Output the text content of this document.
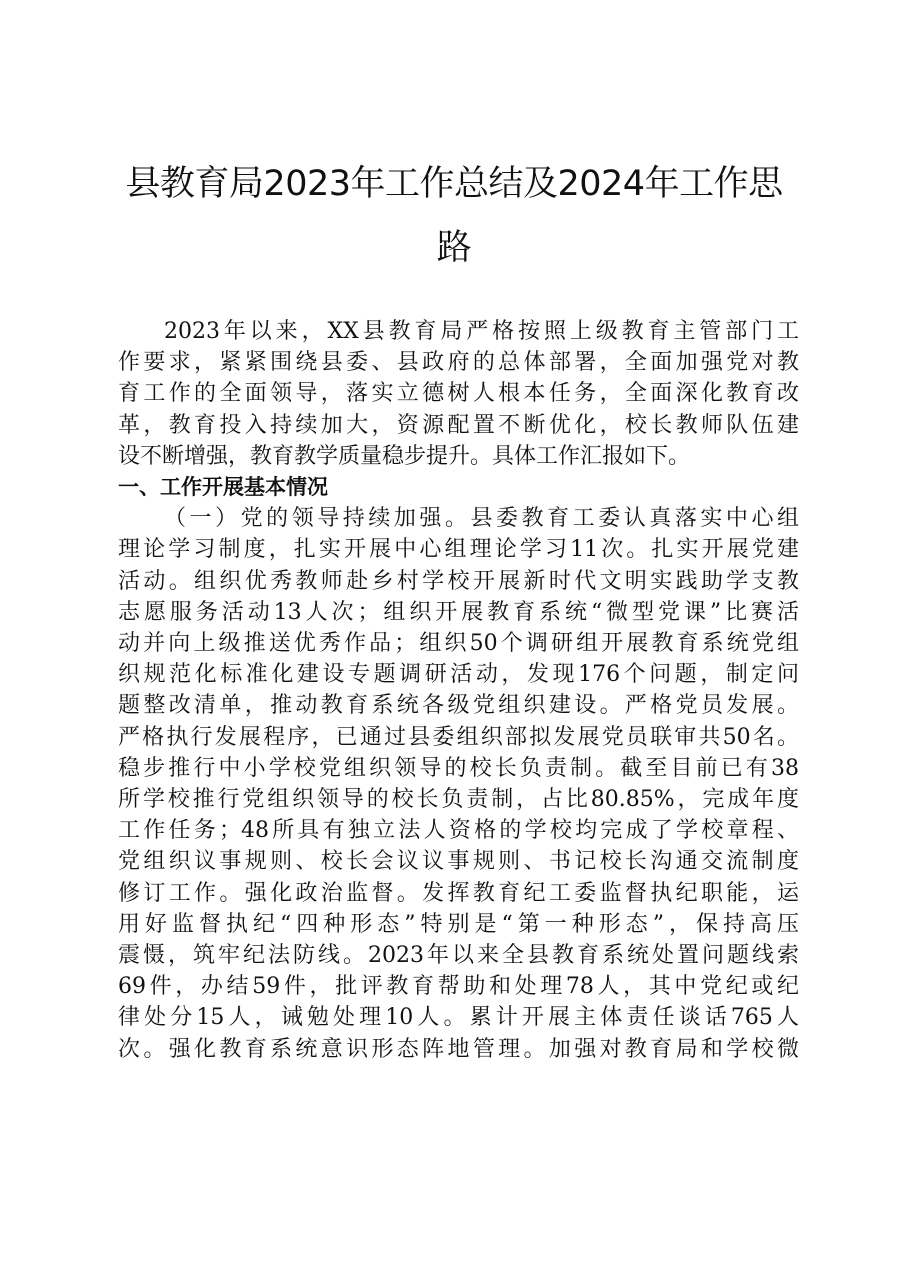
县教育局2023年工作总结及2024年工作思
路

2023年以来，XX县教育局严格按照上级教育主管部门工
作要求，紧紧围绕县委、县政府的总体部署，全面加强党对教
育工作的全面领导，落实立德树人根本任务，全面深化教育改
革，教育投入持续加大，资源配置不断优化，校长教师队伍建
设不断增强，教育教学质量稳步提升。具体工作汇报如下。

一、工作开展基本情况

（一）党的领导持续加强。县委教育工委认真落实中心组
理论学习制度，扎实开展中心组理论学习11次。扎实开展党建
活动。组织优秀教师赴乡村学校开展新时代文明实践助学支教
志愿服务活动13人次；组织开展教育系统“微型党课”比赛活
动并向上级推送优秀作品；组织50个调研组开展教育系统党组
织规范化标准化建设专题调研活动，发现176个问题，制定问
题整改清单，推动教育系统各级党组织建设。严格党员发展。
严格执行发展程序，已通过县委组织部拟发展党员联审共50名。
稳步推行中小学校党组织领导的校长负责制。截至目前已有38
所学校推行党组织领导的校长负责制，占比80.85%，完成年度
工作任务；48所具有独立法人资格的学校均完成了学校章程、
党组织议事规则、校长会议议事规则、书记校长沟通交流制度
修订工作。强化政治监督。发挥教育纪工委监督执纪职能，运
用好监督执纪“四种形态”特别是“第一种形态”，保持高压
震慑，筑牢纪法防线。2023年以来全县教育系统处置问题线索
69件，办结59件，批评教育帮助和处理78人，其中党纪或纪
律处分15人，诫勉处理10人。累计开展主体责任谈话765人
次。强化教育系统意识形态阵地管理。加强对教育局和学校微
